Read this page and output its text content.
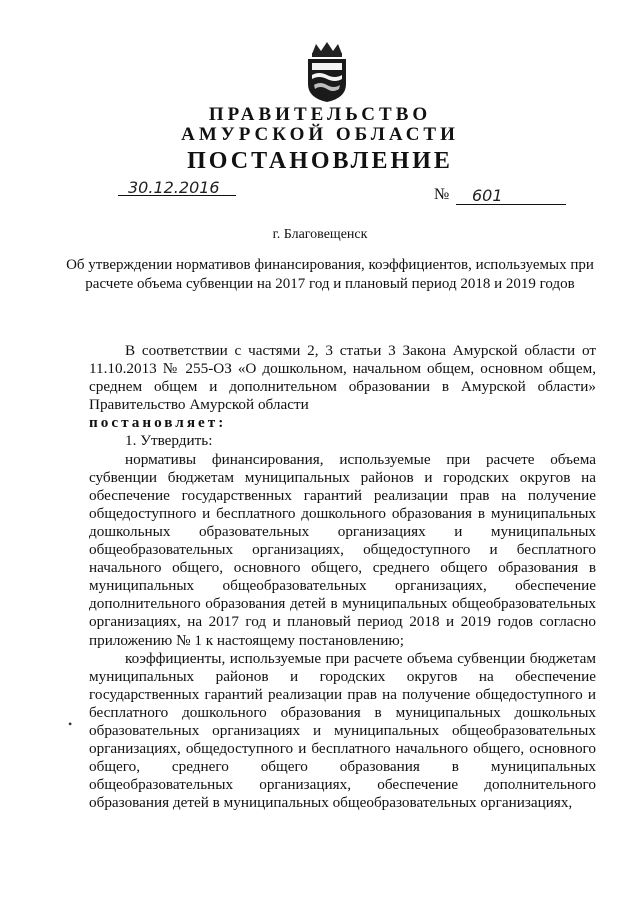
ПРАВИТЕЛЬСТВО
АМУРСКОЙ ОБЛАСТИ
ПОСТАНОВЛЕНИЕ
30.12.2016	№ 601
г. Благовещенск
Об утверждении нормативов финансирования, коэффициентов, используемых при расчете объема субвенции на 2017 год и плановый период 2018 и 2019 годов

В соответствии с частями 2, 3 статьи 3 Закона Амурской области от 11.10.2013 № 255-ОЗ «О дошкольном, начальном общем, основном общем, среднем общем и дополнительном образовании в Амурской области» Правительство Амурской области

постановляет:

1. Утвердить:

нормативы финансирования, используемые при расчете объема субвенции бюджетам муниципальных районов и городских округов на обеспечение государственных гарантий реализации прав на получение общедоступного и бесплатного дошкольного образования в муниципальных дошкольных образовательных организациях и муниципальных общеобразовательных организациях, общедоступного и бесплатного начального общего, основного общего, среднего общего образования в муниципальных общеобразовательных организациях, обеспечение дополнительного образования детей в муниципальных общеобразовательных организациях, на 2017 год и плановый период 2018 и 2019 годов согласно приложению № 1 к настоящему постановлению;

коэффициенты, используемые при расчете объема субвенции бюджетам муниципальных районов и городских округов на обеспечение государственных гарантий реализации прав на получение общедоступного и бесплатного дошкольного образования в муниципальных дошкольных образовательных организациях и муниципальных общеобразовательных организациях, общедоступного и бесплатного начального общего, основного общего, среднего общего образования в муниципальных общеобразовательных организациях, обеспечение дополнительного образования детей в муниципальных общеобразовательных организациях,

•
